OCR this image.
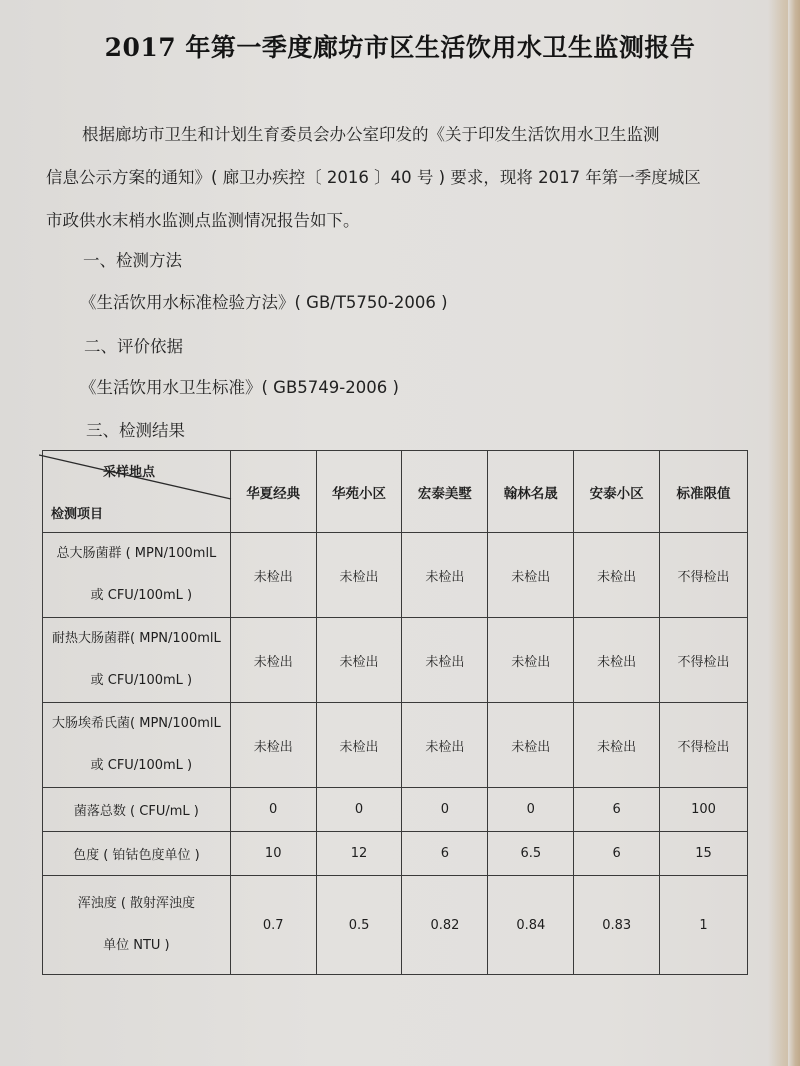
2017 年第一季度廊坊市区生活饮用水卫生监测报告
根据廊坊市卫生和计划生育委员会办公室印发的《关于印发生活饮用水卫生监测
信息公示方案的通知》( 廊卫办疾控〔 2016 〕40 号 ) 要求，现将 2017 年第一季度城区
市政供水末梢水监测点监测情况报告如下。
一、检测方法
《生活饮用水标准检验方法》( GB/T5750-2006 )
二、评价依据
《生活饮用水卫生标准》( GB5749-2006 )
三、检测结果
采样地点
检测项目	华夏经典	华苑小区	宏泰美墅	翰林名晟	安泰小区	标准限值

总大肠菌群 ( MPN/100mlL
或 CFU/100mL )	未检出	未检出	未检出	未检出	未检出	不得检出

耐热大肠菌群( MPN/100mlL
或 CFU/100mL )	未检出	未检出	未检出	未检出	未检出	不得检出

大肠埃希氏菌( MPN/100mlL
或 CFU/100mL )	未检出	未检出	未检出	未检出	未检出	不得检出
菌落总数 ( CFU/mL )	0	0	0	0	6	100
色度 ( 铂钴色度单位 )	10	12	6	6.5	6	15

浑浊度 ( 散射浑浊度
单位 NTU )	0.7	0.5	0.82	0.84	0.83	1
